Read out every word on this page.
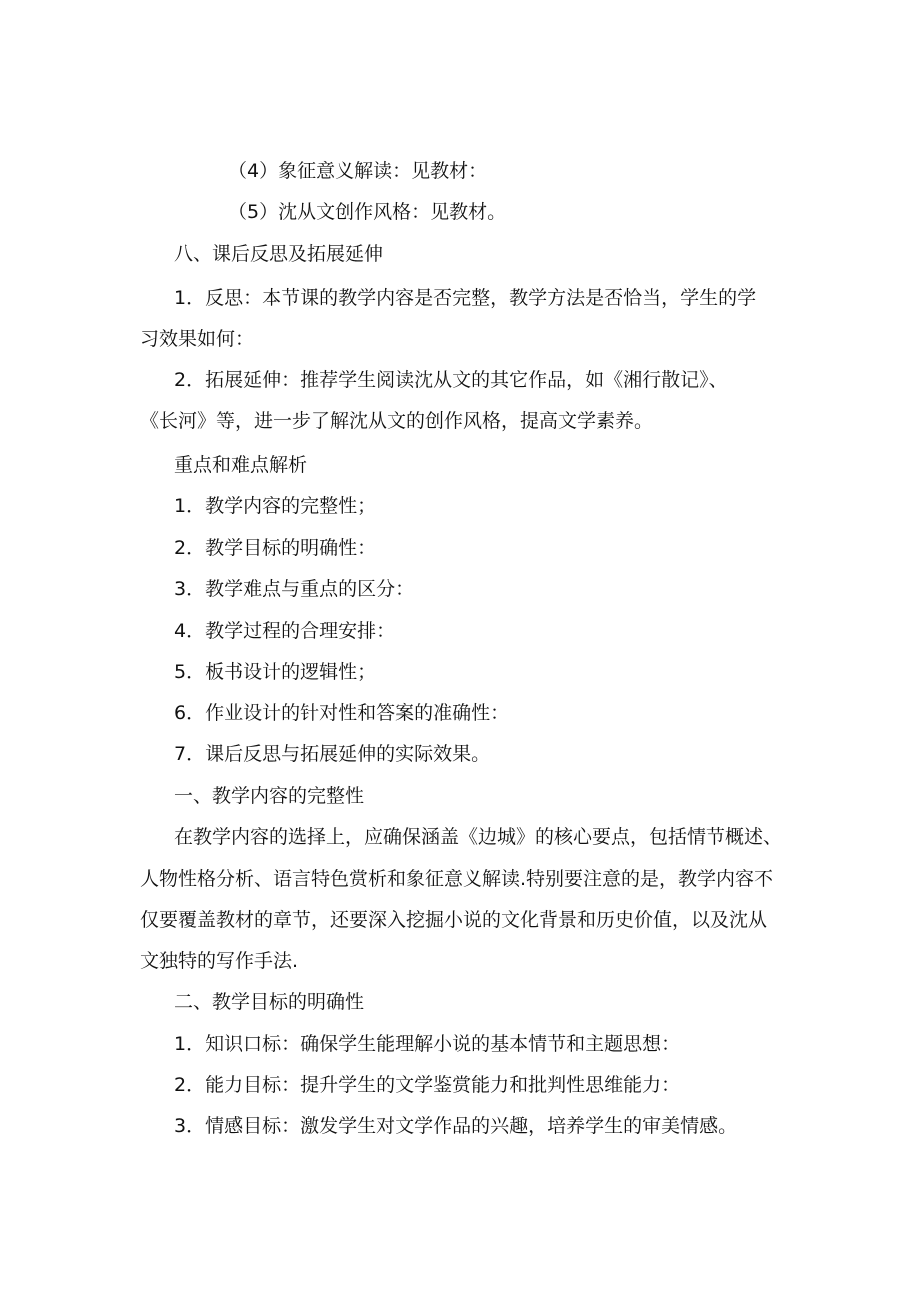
（4）象征意义解读：见教材：
（5）沈从文创作风格：见教材。
八、课后反思及拓展延伸
1．反思：本节课的教学内容是否完整，教学方法是否恰当，学生的学
习效果如何：
2．拓展延伸：推荐学生阅读沈从文的其它作品，如《湘行散记》、
《长河》等，进一步了解沈从文的创作风格，提高文学素养。
重点和难点解析
1．教学内容的完整性；
2．教学目标的明确性：
3．教学难点与重点的区分：
4．教学过程的合理安排：
5．板书设计的逻辑性；
6．作业设计的针对性和答案的准确性：
7．课后反思与拓展延伸的实际效果。
一、教学内容的完整性
在教学内容的选择上，应确保涵盖《边城》的核心要点，包括情节概述、
人物性格分析、语言特色赏析和象征意义解读.特别要注意的是，教学内容不
仅要覆盖教材的章节，还要深入挖掘小说的文化背景和历史价值，以及沈从
文独特的写作手法.
二、教学目标的明确性
1．知识口标：确保学生能理解小说的基本情节和主题思想：
2．能力目标：提升学生的文学鉴赏能力和批判性思维能力：
3．情感目标：激发学生对文学作品的兴趣，培养学生的审美情感。
